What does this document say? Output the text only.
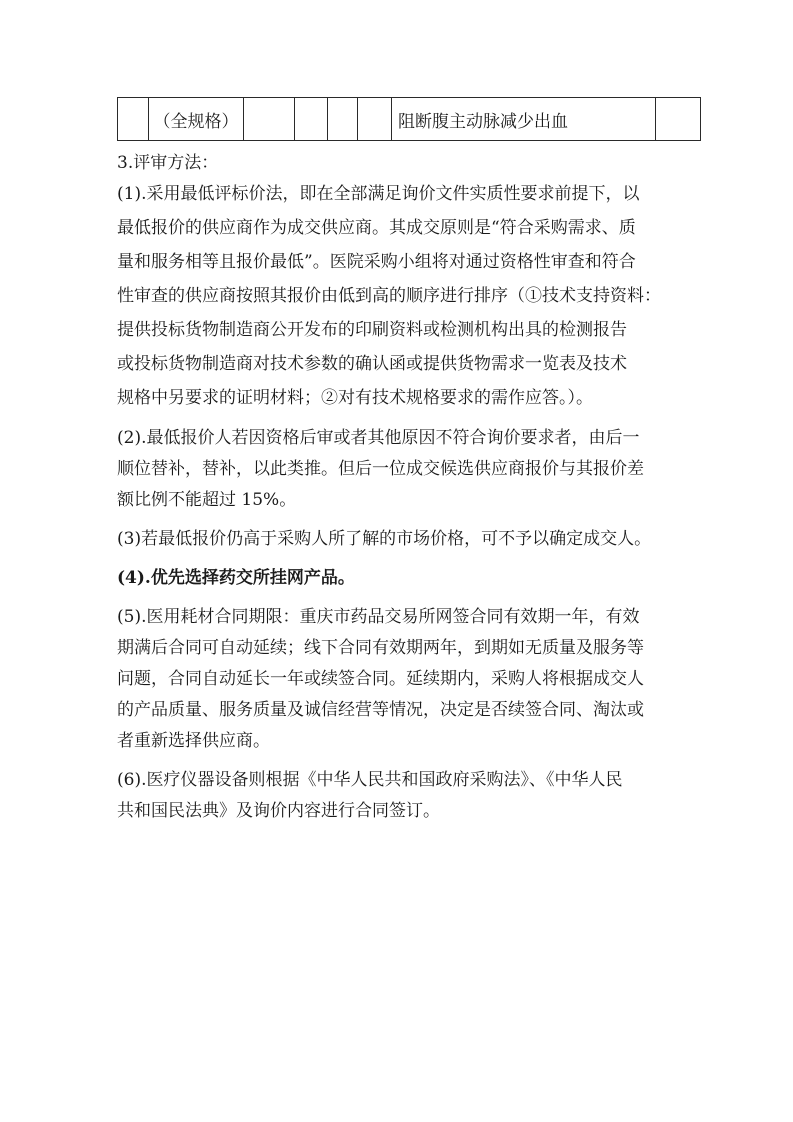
	（全规格）					阻断腹主动脉减少出血	
3.评审方法：
(1).采用最低评标价法，即在全部满足询价文件实质性要求前提下，以
最低报价的供应商作为成交供应商。其成交原则是“符合采购需求、质
量和服务相等且报价最低”。医院采购小组将对通过资格性审查和符合
性审查的供应商按照其报价由低到高的顺序进行排序（①技术支持资料：
提供投标货物制造商公开发布的印刷资料或检测机构出具的检测报告
或投标货物制造商对技术参数的确认函或提供货物需求一览表及技术
规格中另要求的证明材料；②对有技术规格要求的需作应答。）。
(2).最低报价人若因资格后审或者其他原因不符合询价要求者，由后一
顺位替补，替补，以此类推。但后一位成交候选供应商报价与其报价差
额比例不能超过 15%。
(3)若最低报价仍高于采购人所了解的市场价格，可不予以确定成交人。
(4).优先选择药交所挂网产品。
(5).医用耗材合同期限：重庆市药品交易所网签合同有效期一年，有效
期满后合同可自动延续；线下合同有效期两年，到期如无质量及服务等
问题，合同自动延长一年或续签合同。延续期内，采购人将根据成交人
的产品质量、服务质量及诚信经营等情况，决定是否续签合同、淘汰或
者重新选择供应商。
(6).医疗仪器设备则根据《中华人民共和国政府采购法》、《中华人民
共和国民法典》及询价内容进行合同签订。
